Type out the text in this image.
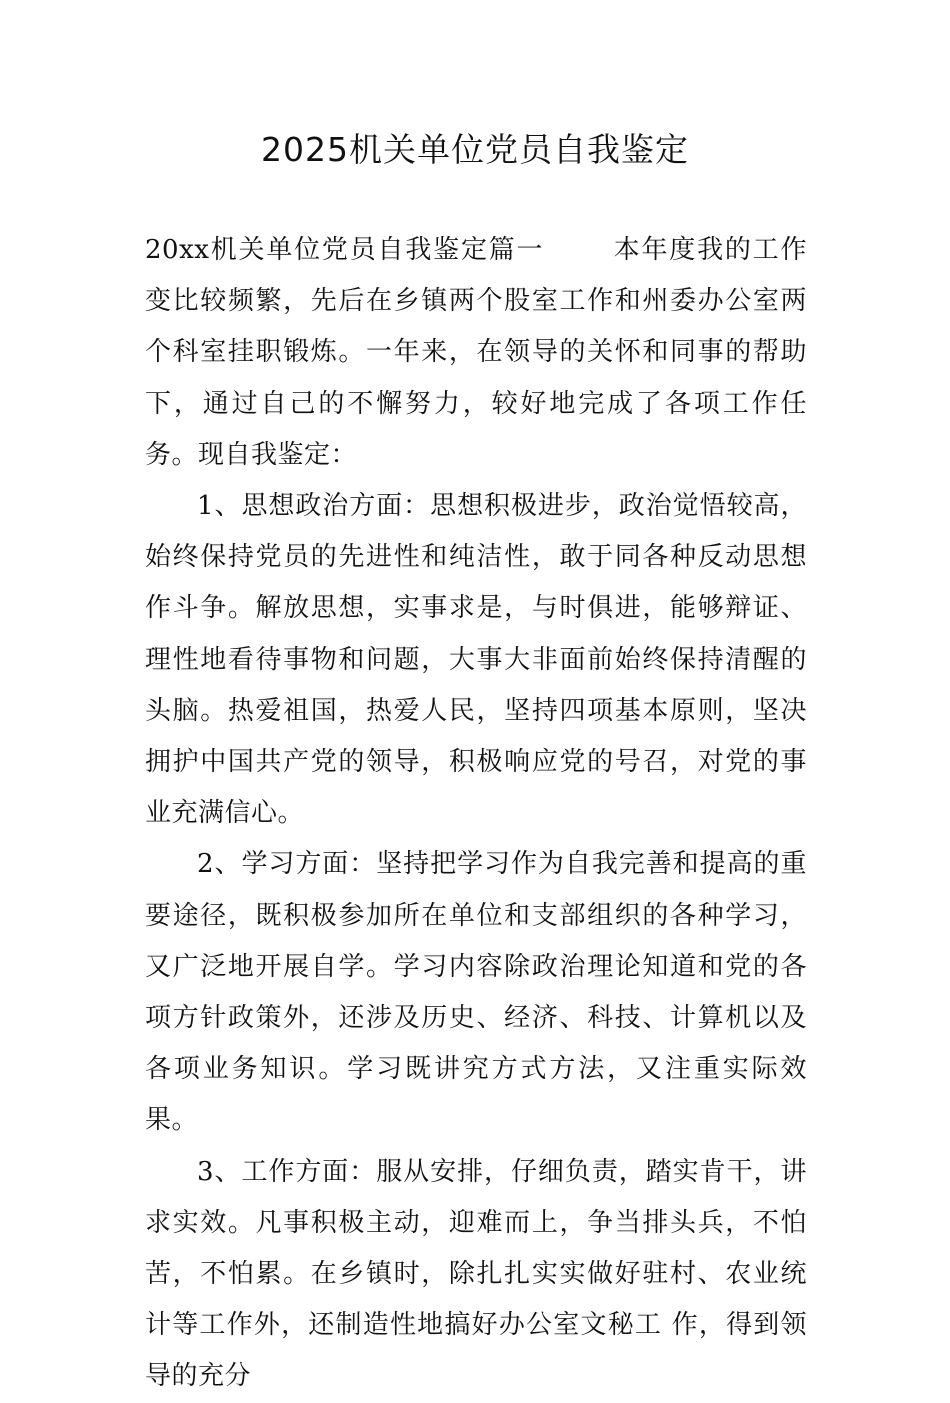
2025机关单位党员自我鉴定

20xx机关单位党员自我鉴定篇一	本年度我的工作变比较频繁，先后在乡镇两个股室工作和州委办公室两个科室挂职锻炼。一年来，在领导的关怀和同事的帮助下，通过自己的不懈努力，较好地完成了各项工作任务。现自我鉴定：

1、思想政治方面：思想积极进步，政治觉悟较高，始终保持党员的先进性和纯洁性，敢于同各种反动思想作斗争。解放思想，实事求是，与时俱进，能够辩证、理性地看待事物和问题，大事大非面前始终保持清醒的头脑。热爱祖国，热爱人民，坚持四项基本原则，坚决拥护中国共产党的领导，积极响应党的号召，对党的事业充满信心。

2、学习方面：坚持把学习作为自我完善和提高的重要途径，既积极参加所在单位和支部组织的各种学习，又广泛地开展自学。学习内容除政治理论知道和党的各项方针政策外，还涉及历史、经济、科技、计算机以及各项业务知识。学习既讲究方式方法，又注重实际效果。

3、工作方面：服从安排，仔细负责，踏实肯干，讲求实效。凡事积极主动，迎难而上，争当排头兵，不怕苦，不怕累。在乡镇时，除扎扎实实做好驻村、农业统计等工作外，还制造性地搞好办公室文秘工 作，得到领导的充分
